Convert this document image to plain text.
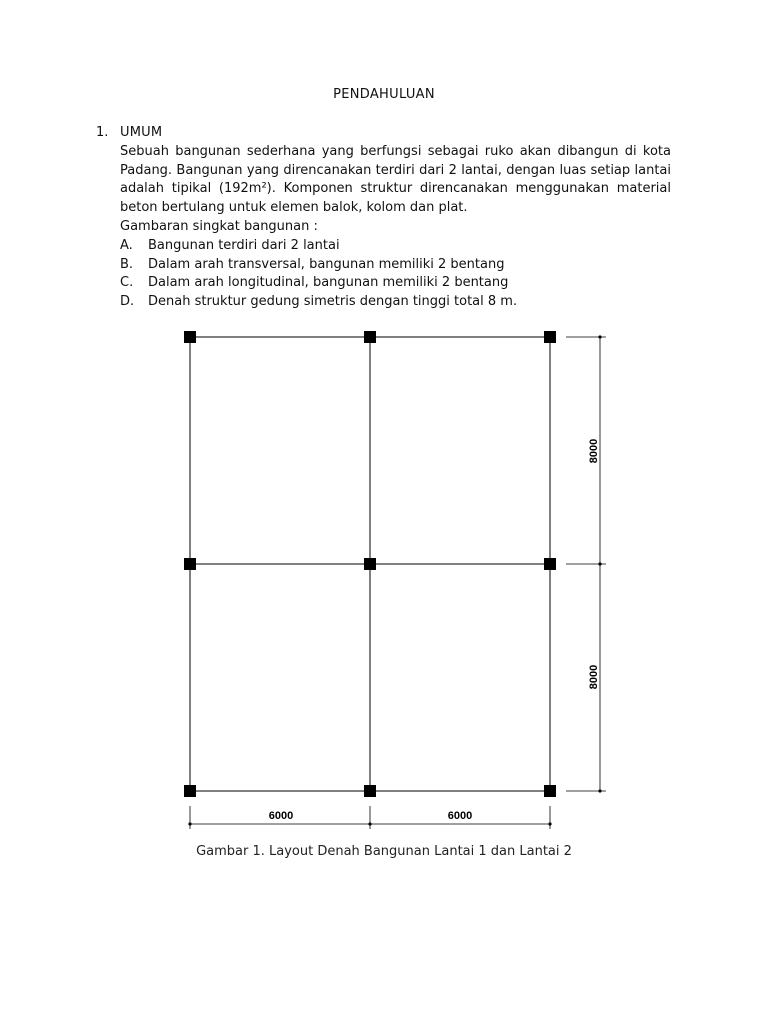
PENDAHULUAN
1. UMUM
Sebuah bangunan sederhana yang berfungsi sebagai ruko akan dibangun di kota Padang. Bangunan yang direncanakan terdiri dari 2 lantai, dengan luas setiap lantai adalah tipikal (192m²). Komponen struktur direncanakan menggunakan material beton bertulang untuk elemen balok, kolom dan plat.
Gambaran singkat bangunan :
A.	Bangunan terdiri dari 2 lantai
B.	Dalam arah transversal, bangunan memiliki 2 bentang
C.	Dalam arah longitudinal, bangunan memiliki 2 bentang
D.	Denah struktur gedung simetris dengan tinggi total 8 m.
8000
8000
6000	6000
Gambar 1. Layout Denah Bangunan Lantai 1 dan Lantai 2
